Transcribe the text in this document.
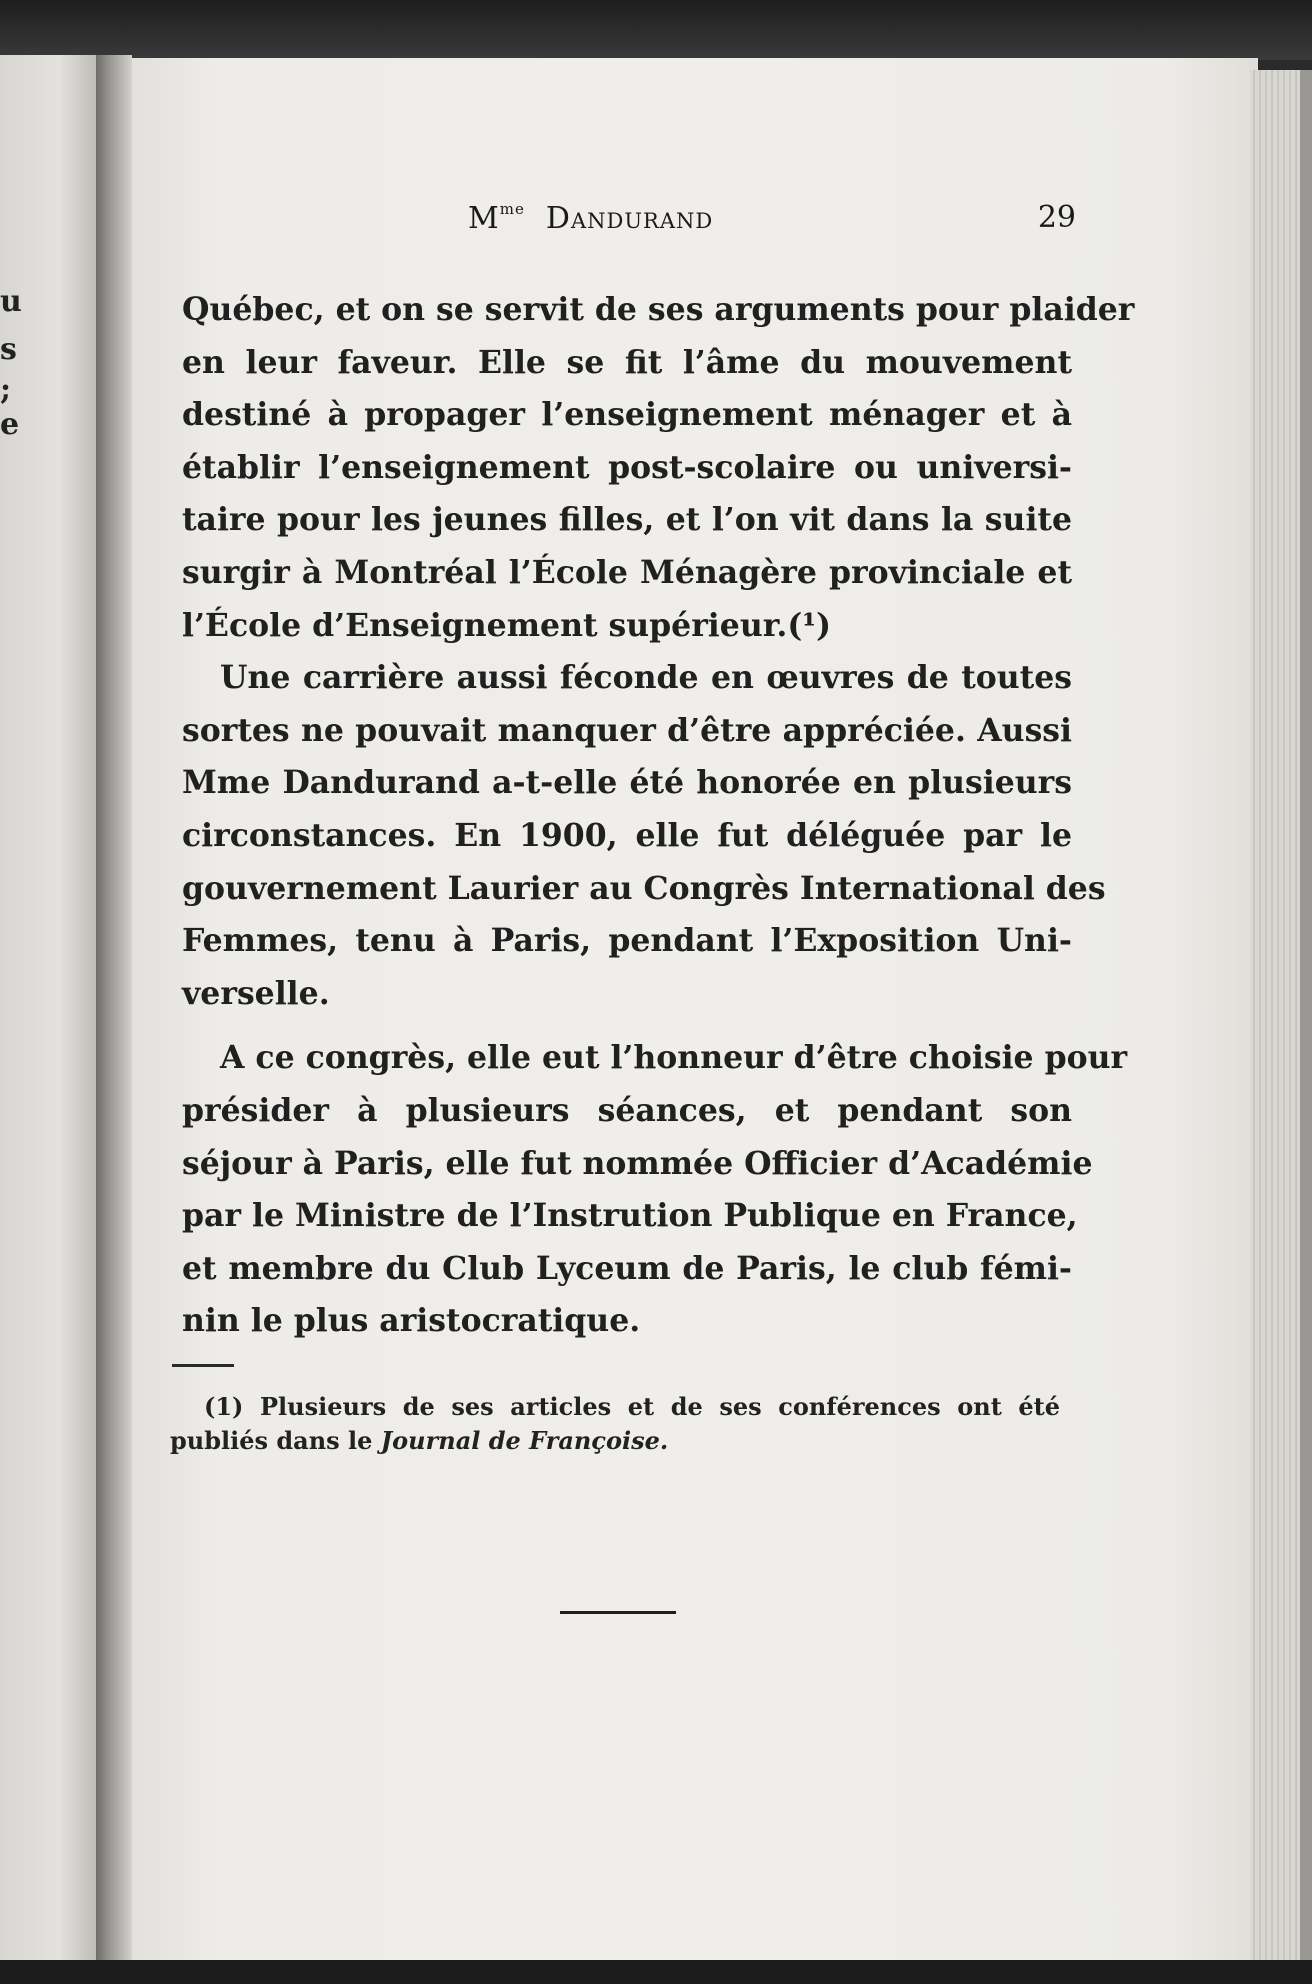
u
s
;
e
$M^{me}$ Dandurand	29
Québec, et on se servit de ses arguments pour plaider
en leur faveur. Elle se fit l’âme du mouvement
destiné à propager l’enseignement ménager et à
établir l’enseignement post-scolaire ou universi-
taire pour les jeunes filles, et l’on vit dans la suite
surgir à Montréal l’École Ménagère provinciale et
l’École d’Enseignement supérieur.(¹)
Une carrière aussi féconde en œuvres de toutes
sortes ne pouvait manquer d’être appréciée. Aussi
Mme Dandurand a-t-elle été honorée en plusieurs
circonstances. En 1900, elle fut déléguée par le
gouvernement Laurier au Congrès International des
Femmes, tenu à Paris, pendant l’Exposition Uni-
verselle.
A ce congrès, elle eut l’honneur d’être choisie pour
présider à plusieurs séances, et pendant son
séjour à Paris, elle fut nommée Officier d’Académie
par le Ministre de l’Instrution Publique en France,
et membre du Club Lyceum de Paris, le club fémi-
nin le plus aristocratique.
(1) Plusieurs de ses articles et de ses conférences ont été
publiés dans le Journal de Françoise.
